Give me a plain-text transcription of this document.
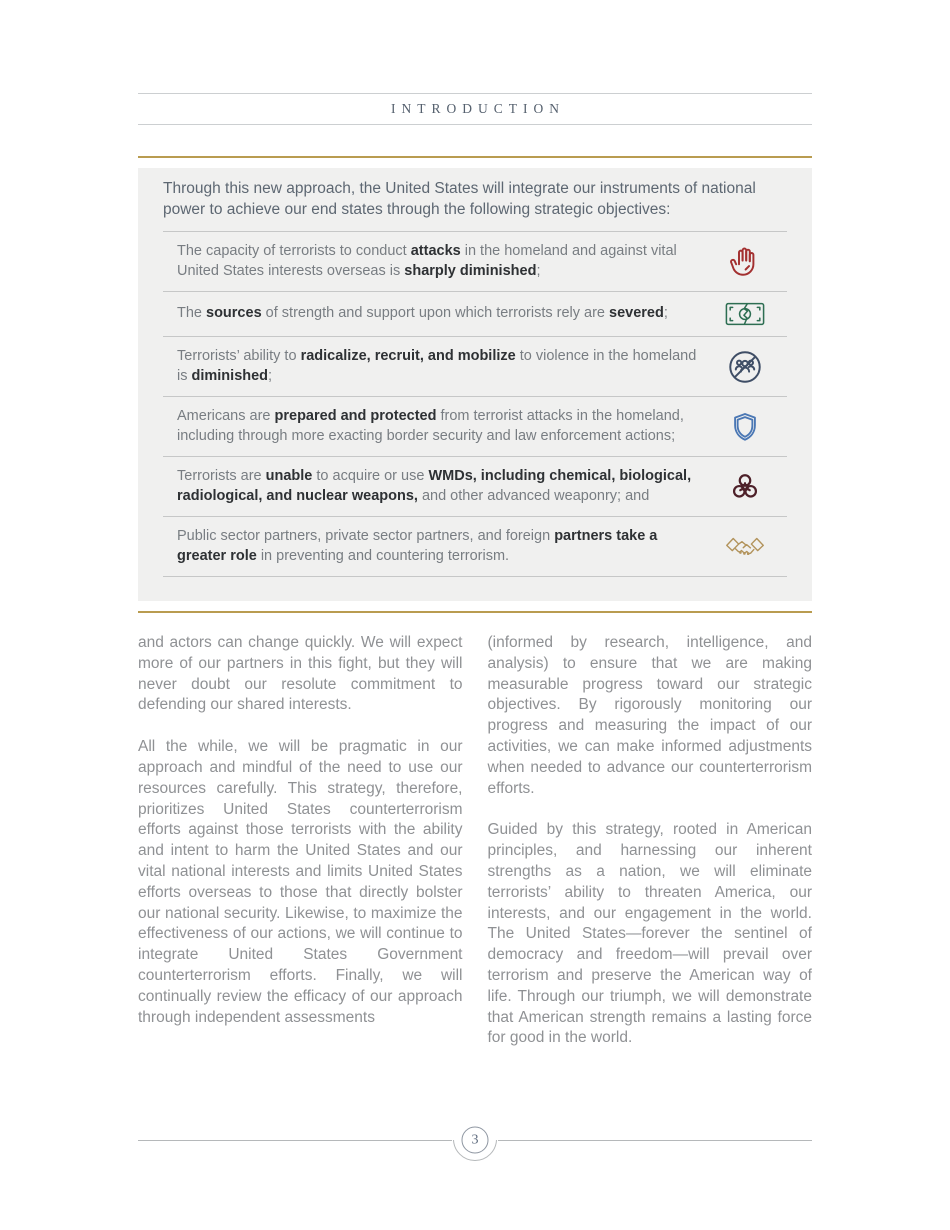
INTRODUCTION

Through this new approach, the United States will integrate our instruments of national power to achieve our end states through the following strategic objectives:

The capacity of terrorists to conduct attacks in the homeland and against vital United States interests overseas is sharply diminished;

The sources of strength and support upon which terrorists rely are severed;

Terrorists’ ability to radicalize, recruit, and mobilize to violence in the homeland is diminished;

Americans are prepared and protected from terrorist attacks in the homeland, including through more exacting border security and law enforcement actions;

Terrorists are unable to acquire or use WMDs, including chemical, biological, radiological, and nuclear weapons, and other advanced weaponry; and

Public sector partners, private sector partners, and foreign partners take a greater role in preventing and countering terrorism.

and actors can change quickly. We will expect more of our partners in this fight, but they will never doubt our resolute commitment to defending our shared interests.

All the while, we will be pragmatic in our approach and mindful of the need to use our resources carefully. This strategy, therefore, prioritizes United States counterterrorism efforts against those terrorists with the ability and intent to harm the United States and our vital national interests and limits United States efforts overseas to those that directly bolster our national security. Likewise, to maximize the effectiveness of our actions, we will continue to integrate United States Government counterterrorism efforts. Finally, we will continually review the efficacy of our approach through independent assessments

(informed by research, intelligence, and analysis) to ensure that we are making measurable progress toward our strategic objectives. By rigorously monitoring our progress and measuring the impact of our activities, we can make informed adjustments when needed to advance our counterterrorism efforts.

Guided by this strategy, rooted in American principles, and harnessing our inherent strengths as a nation, we will eliminate terrorists’ ability to threaten America, our interests, and our engagement in the world. The United States—forever the sentinel of democracy and freedom—will prevail over terrorism and preserve the American way of life. Through our triumph, we will demonstrate that American strength remains a lasting force for good in the world.

3
